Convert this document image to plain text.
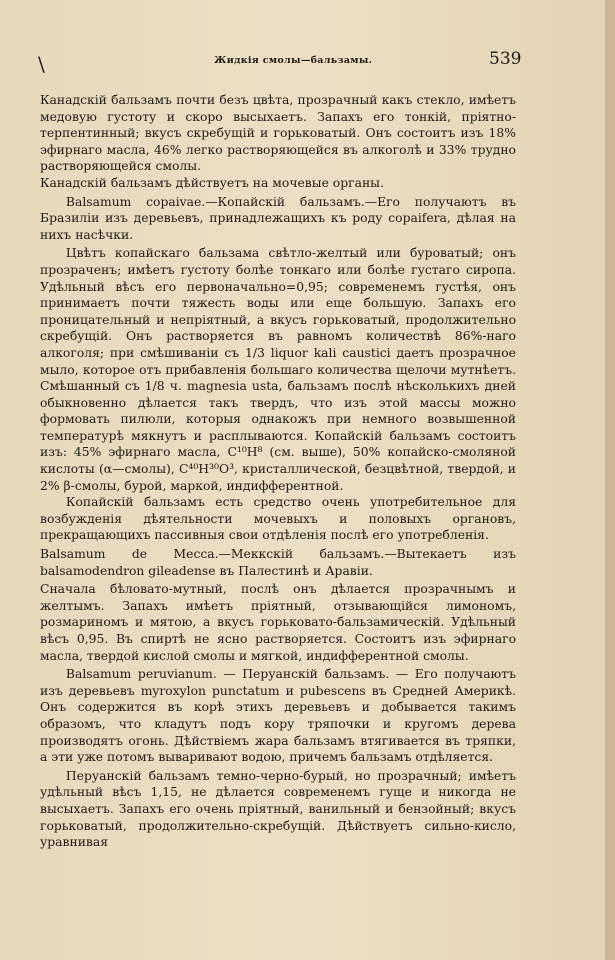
\	Жидкія смолы—бальзамы.	539

Канадскій бальзамъ почти безъ цвѣта, прозрачный какъ стекло, имѣетъ медовую густоту и скоро высыхаетъ. Запахъ его тонкій, пріятно-терпентинный; вкусъ скребущій и горьковатый. Онъ состоитъ изъ 18% эфирнаго масла, 46% легко растворяющейся въ алкоголѣ и 33% трудно растворяющейся смолы.

Канадскій бальзамъ дѣйствуетъ на мочевые органы.

Balsamum copaivae.—Копайскій бальзамъ.—Его получаютъ въ Бразиліи изъ деревьевъ, принадлежащихъ къ роду copaifera, дѣлая на нихъ насѣчки.

Цвѣтъ копайскаго бальзама свѣтло-желтый или буроватый; онъ прозраченъ; имѣетъ густоту болѣе тонкаго или болѣе густаго сиропа. Удѣльный вѣсъ его первоначально=0,95; современемъ густѣя, онъ принимаетъ почти тяжесть воды или еще большую. Запахъ его проницательный и непріятный, а вкусъ горьковатый, продолжительно скребущій. Онъ растворяется въ равномъ количествѣ 86%-наго алкоголя; при смѣшиваніи съ 1/3 liquor kali caustici даетъ прозрачное мыло, которое отъ прибавленія большаго количества щелочи мутнѣетъ. Смѣшанный съ 1/8 ч. magnesia usta, бальзамъ послѣ нѣсколькихъ дней обыкновенно дѣлается такъ твердъ, что изъ этой массы можно формовать пилюли, которыя однакожъ при немного возвышенной температурѣ мякнутъ и расплываются. Копайскій бальзамъ состоитъ изъ: 45% эфирнаго масла, C¹⁰H⁸ (см. выше), 50% копайско-смоляной кислоты (α—смолы), C⁴⁰H³⁰O³, кристаллической, безцвѣтной, твердой, и 2% β-смолы, бурой, маркой, индифферентной.

Копайскій бальзамъ есть средство очень употребительное для возбужденія дѣятельности мочевыхъ и половыхъ органовъ, прекращающихъ пассивныя свои отдѣленія послѣ его употребленія.

Balsamum de Mecca.—Меккскій бальзамъ.—Вытекаетъ изъ balsamodendron gileadense въ Палестинѣ и Аравіи.

Сначала бѣловато-мутный, послѣ онъ дѣлается прозрачнымъ и желтымъ. Запахъ имѣетъ пріятный, отзывающійся лимономъ, розмариномъ и мятою, а вкусъ горьковато-бальзамическій. Удѣльный вѣсъ 0,95. Въ спиртѣ не ясно растворяется. Состоитъ изъ эфирнаго масла, твердой кислой смолы и мягкой, индифферентной смолы.

Balsamum peruvianum. — Перуанскій бальзамъ. — Его получаютъ изъ деревьевъ myroxylon punctatum и pubescens въ Средней Америкѣ. Онъ содержится въ корѣ этихъ деревьевъ и добывается такимъ образомъ, что кладутъ подъ кору тряпочки и кругомъ дерева производятъ огонь. Дѣйствіемъ жара бальзамъ втягивается въ тряпки, а эти уже потомъ вываривают водою, причемъ бальзамъ отдѣляется.

Перуанскій бальзамъ темно-черно-бурый, но прозрачный; имѣетъ удѣльный вѣсъ 1,15, не дѣлается современемъ гуще и никогда не высыхаетъ. Запахъ его очень пріятный, ванильный и бензойный; вкусъ горьковатый, продолжительно-скребущій. Дѣйствуетъ сильно-кисло, уравнивая
